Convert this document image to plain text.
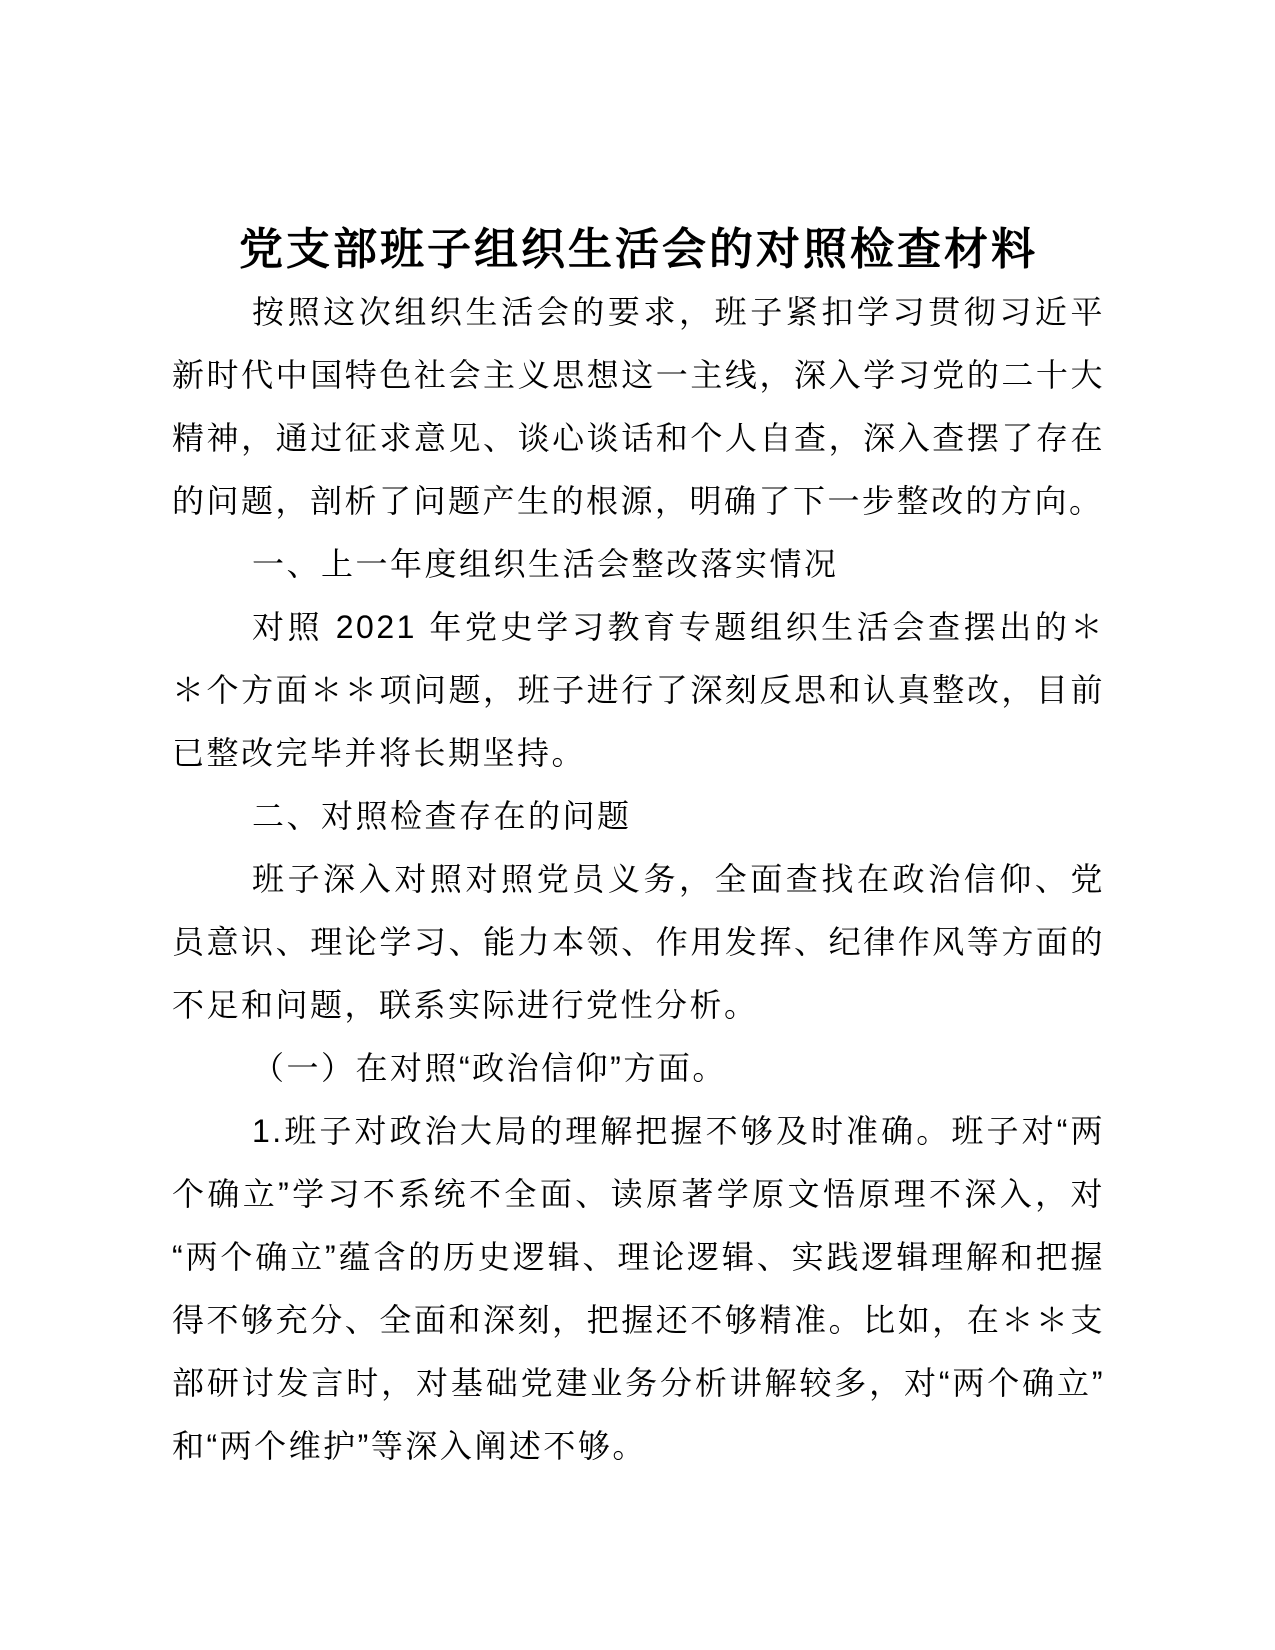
党支部班子组织生活会的对照检查材料

按照这次组织生活会的要求，班子紧扣学习贯彻习近平新时代中国特色社会主义思想这一主线，深入学习党的二十大精神，通过征求意见、谈心谈话和个人自查，深入查摆了存在的问题，剖析了问题产生的根源，明确了下一步整改的方向。

一、上一年度组织生活会整改落实情况

对照 2021 年党史学习教育专题组织生活会查摆出的＊＊个方面＊＊项问题，班子进行了深刻反思和认真整改，目前已整改完毕并将长期坚持。

二、对照检查存在的问题

班子深入对照对照党员义务，全面查找在政治信仰、党员意识、理论学习、能力本领、作用发挥、纪律作风等方面的不足和问题，联系实际进行党性分析。

（一）在对照“政治信仰”方面。

1.班子对政治大局的理解把握不够及时准确。班子对“两个确立”学习不系统不全面、读原著学原文悟原理不深入，对“两个确立”蕴含的历史逻辑、理论逻辑、实践逻辑理解和把握得不够充分、全面和深刻，把握还不够精准。比如，在＊＊支部研讨发言时，对基础党建业务分析讲解较多，对“两个确立”和“两个维护”等深入阐述不够。
